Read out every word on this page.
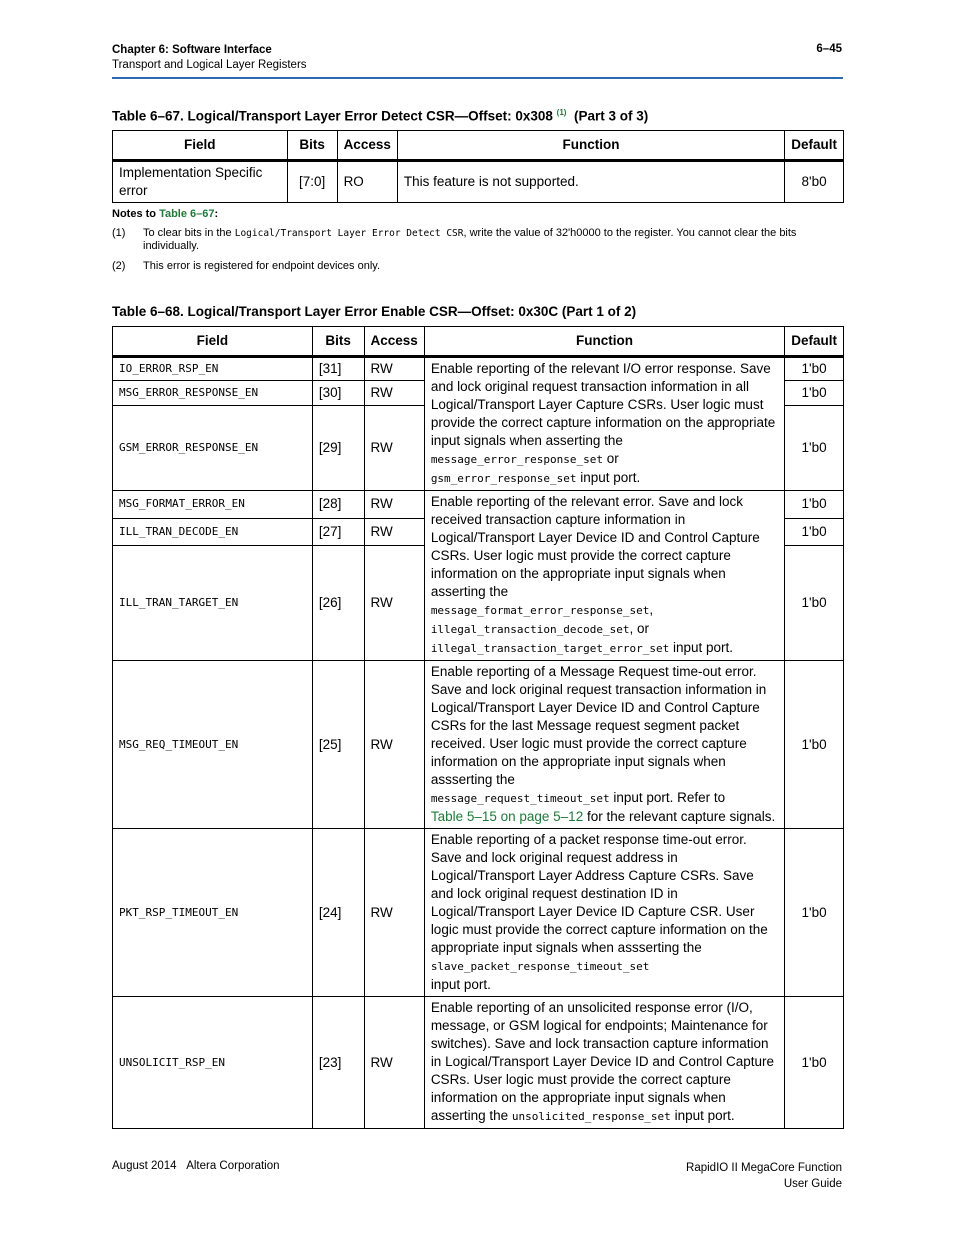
Chapter 6: Software Interface
Transport and Logical Layer Registers
6–45
Table 6–67. Logical/Transport Layer Error Detect CSR—Offset: 0x308 $^{(1)}$  (Part 3 of 3)
Field	Bits	Access	Function	Default
Implementation Specific error	[7:0]	RO	This feature is not supported.	8'b0
Notes to Table 6–67:
(1)	To clear bits in the Logical/Transport Layer Error Detect CSR, write the value of 32'h0000 to the register. You cannot clear the bits individually.
(2)	This error is registered for endpoint devices only.
Table 6–68. Logical/Transport Layer Error Enable CSR—Offset: 0x30C (Part 1 of 2)
Field	Bits	Access	Function	Default
IO_ERROR_RSP_EN	[31]	RW	Enable reporting of the relevant I/O error response. Save and lock original request transaction information in all Logical/Transport Layer Capture CSRs. User logic must provide the correct capture information on the appropriate input signals when asserting the
message_error_response_set or
gsm_error_response_set input port.	1'b0
MSG_ERROR_RESPONSE_EN	[30]	RW		1'b0
GSM_ERROR_RESPONSE_EN	[29]	RW		1'b0
MSG_FORMAT_ERROR_EN	[28]	RW	Enable reporting of the relevant error. Save and lock received transaction capture information in Logical/Transport Layer Device ID and Control Capture CSRs. User logic must provide the correct capture information on the appropriate input signals when asserting the
message_format_error_response_set,
illegal_transaction_decode_set, or
illegal_transaction_target_error_set input port.	1'b0
ILL_TRAN_DECODE_EN	[27]	RW		1'b0
ILL_TRAN_TARGET_EN	[26]	RW		1'b0
MSG_REQ_TIMEOUT_EN	[25]	RW	Enable reporting of a Message Request time-out error. Save and lock original request transaction information in Logical/Transport Layer Device ID and Control Capture CSRs for the last Message request segment packet received. User logic must provide the correct capture information on the appropriate input signals when assserting the
message_request_timeout_set input port. Refer to
Table 5–15 on page 5–12 for the relevant capture signals.	1'b0
PKT_RSP_TIMEOUT_EN	[24]	RW	Enable reporting of a packet response time-out error. Save and lock original request address in Logical/Transport Layer Address Capture CSRs. Save and lock original request destination ID in Logical/Transport Layer Device ID Capture CSR. User logic must provide the correct capture information on the appropriate input signals when assserting the slave_packet_response_timeout_set
input port.	1'b0
UNSOLICIT_RSP_EN	[23]	RW	Enable reporting of an unsolicited response error (I/O, message, or GSM logical for endpoints; Maintenance for switches). Save and lock transaction capture information in Logical/Transport Layer Device ID and Control Capture CSRs. User logic must provide the correct capture information on the appropriate input signals when asserting the unsolicited_response_set input port.	1'b0
August 2014 Altera Corporation	RapidIO II MegaCore Function
User Guide
